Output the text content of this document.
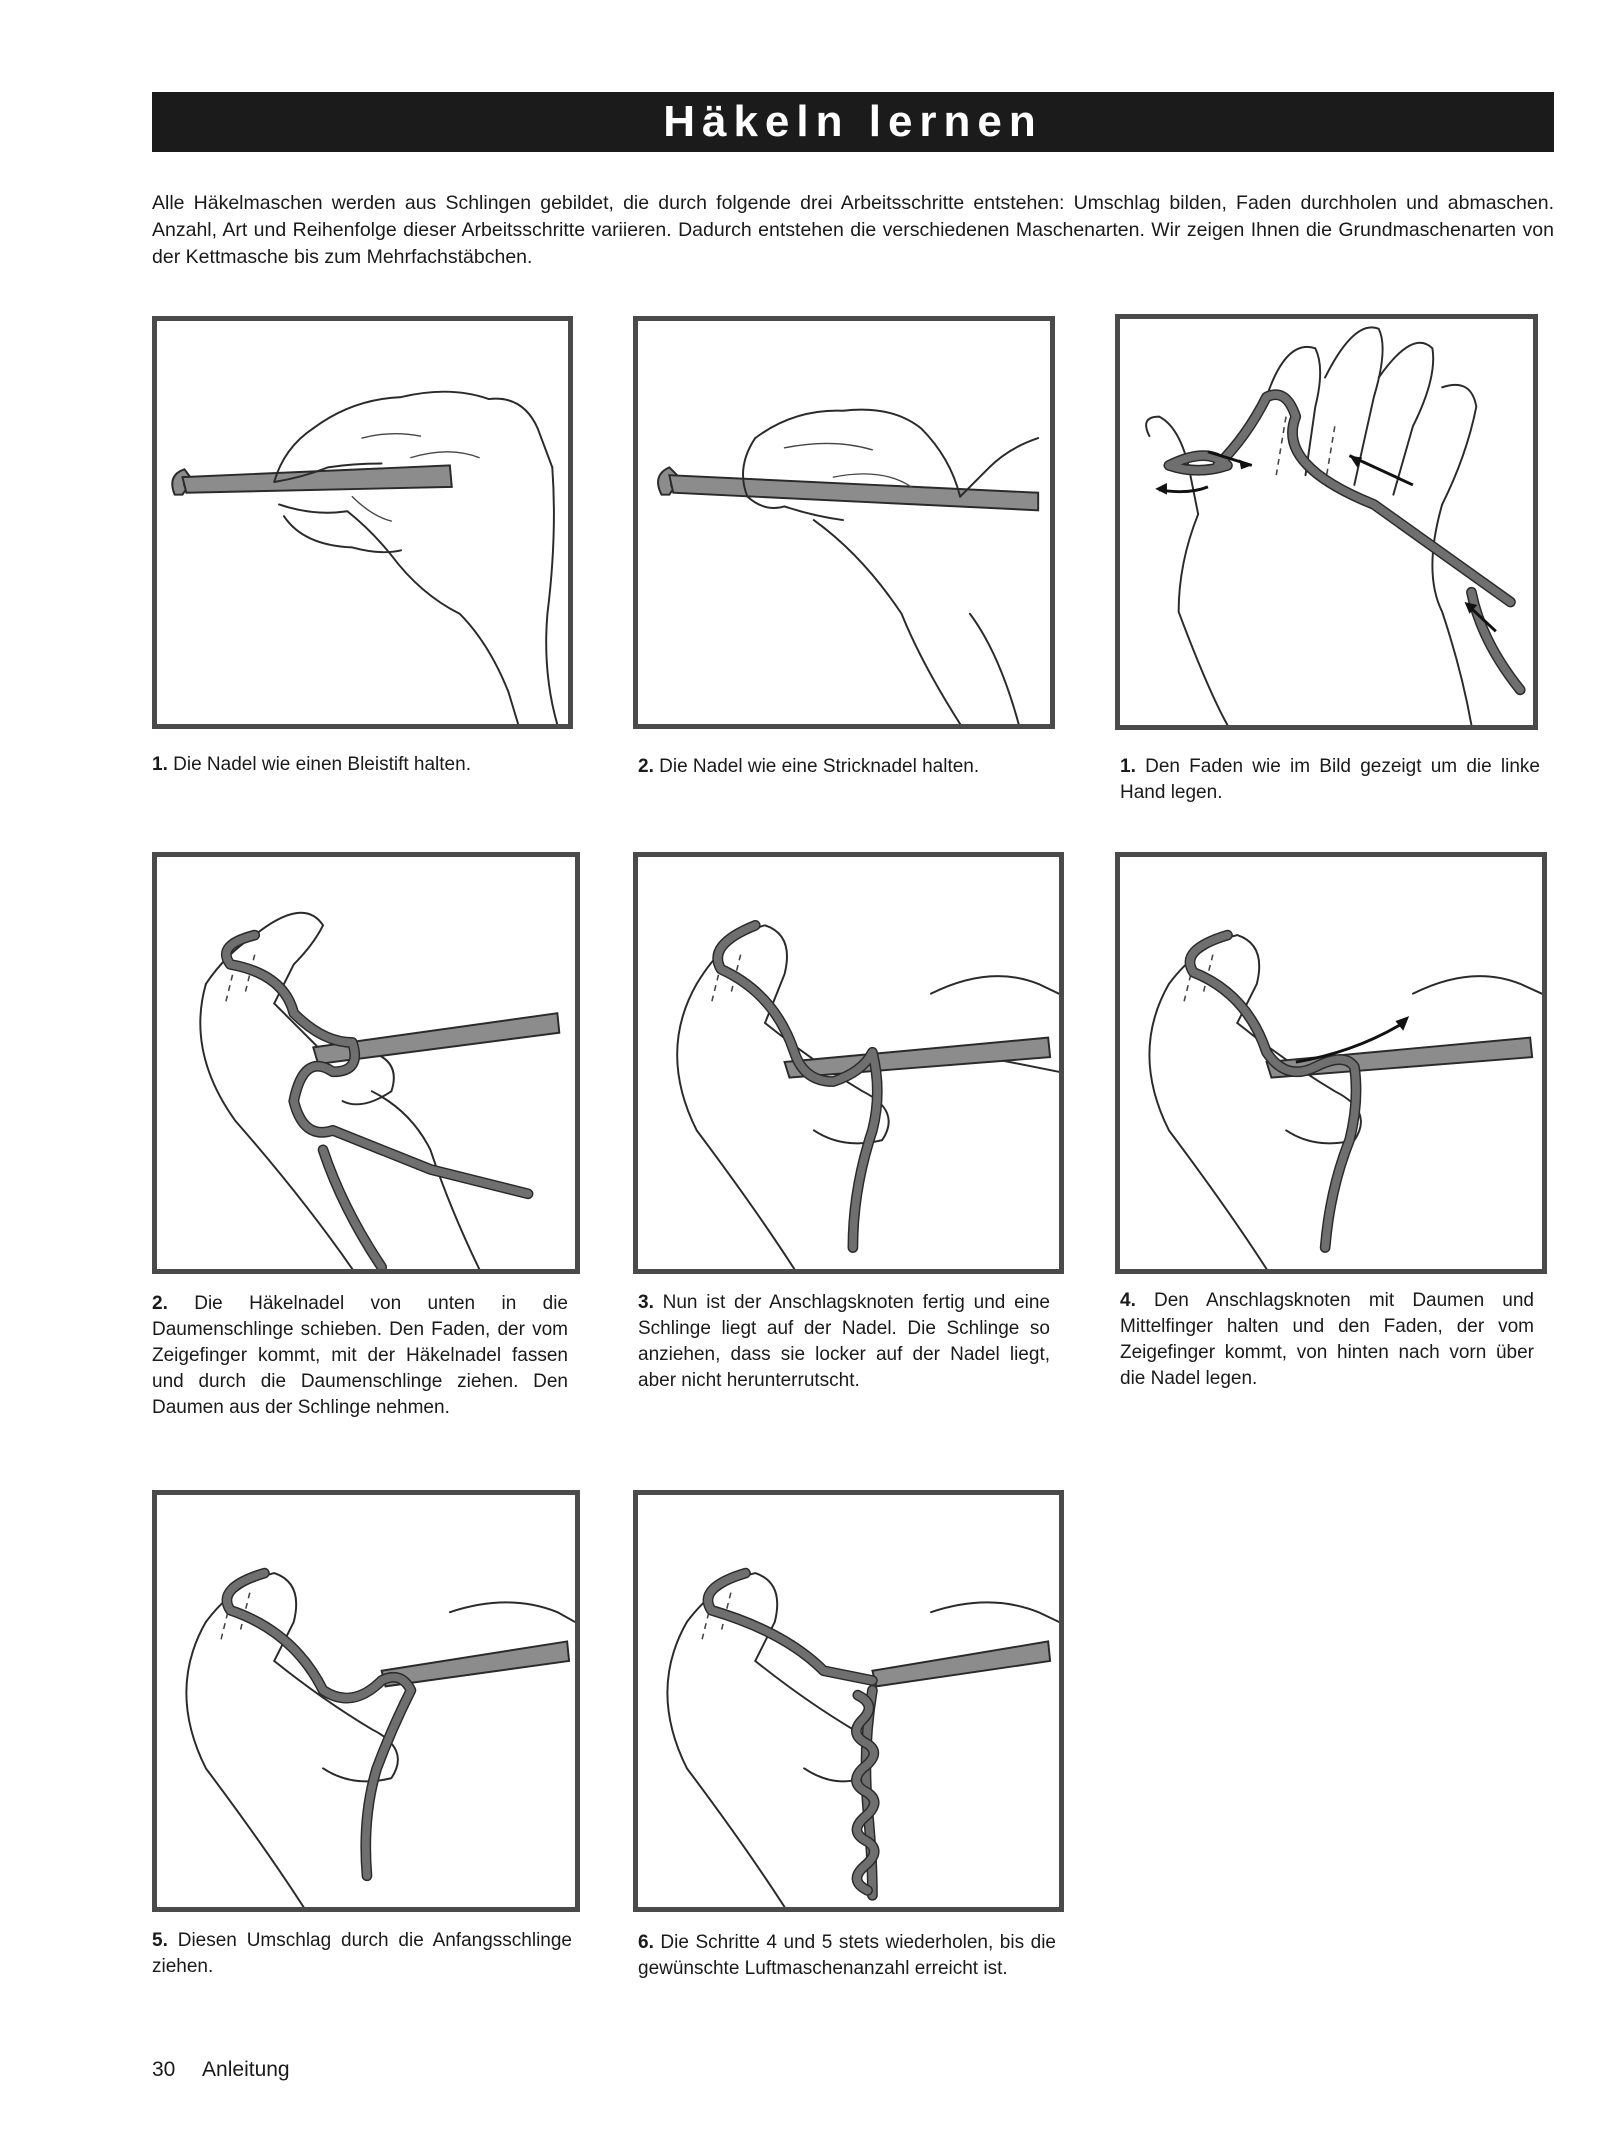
Häkeln lernen

Alle Häkelmaschen werden aus Schlingen gebildet, die durch folgende drei Arbeitsschritte entstehen: Umschlag bilden, Faden durchholen und abmaschen. Anzahl, Art und Reihenfolge dieser Arbeitsschritte variieren. Dadurch entstehen die verschiedenen Maschenarten. Wir zeigen Ihnen die Grundmaschenarten von der Kettmasche bis zum Mehrfachstäbchen.

1. Die Nadel wie einen Bleistift halten.	2. Die Nadel wie eine Stricknadel halten.	1. Den Faden wie im Bild gezeigt um die linke Hand legen.

2. Die Häkelnadel von unten in die Daumenschlinge schieben. Den Faden, der vom Zeigefinger kommt, mit der Häkelnadel fassen und durch die Daumenschlinge ziehen. Den Daumen aus der Schlinge nehmen.

3. Nun ist der Anschlagsknoten fertig und eine Schlinge liegt auf der Nadel. Die Schlinge so anziehen, dass sie locker auf der Nadel liegt, aber nicht herunterrutscht.

4. Den Anschlagsknoten mit Daumen und Mittelfinger halten und den Faden, der vom Zeigefinger kommt, von hinten nach vorn über die Nadel legen.

5. Diesen Umschlag durch die Anfangsschlinge ziehen.

6. Die Schritte 4 und 5 stets wiederholen, bis die gewünschte Luftmaschenanzahl erreicht ist.

30 Anleitung
